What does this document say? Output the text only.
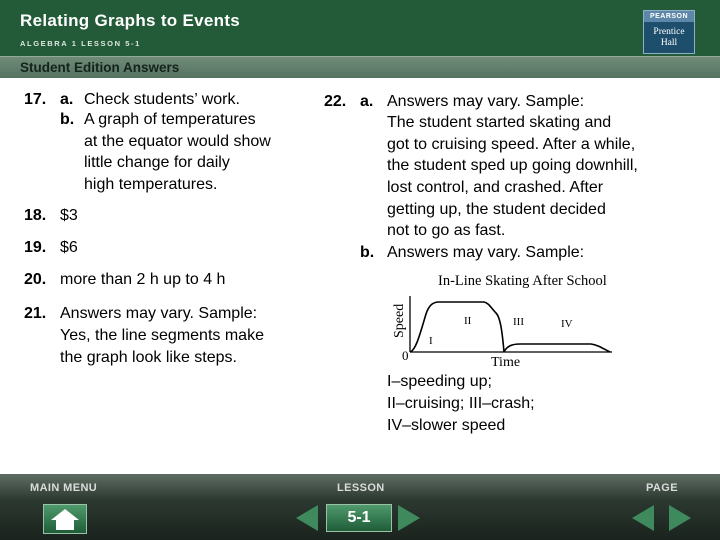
Relating Graphs to Events
ALGEBRA 1 LESSON 5-1
PEARSON
Prentice
Hall
Student Edition Answers
17. a. Check students’ work.
b. A graph of temperatures
at the equator would show
little change for daily
high temperatures.
18. $3
19. $6
20. more than 2 h up to 4 h
21. Answers may vary. Sample:
Yes, the line segments make
the graph look like steps.
22. a. Answers may vary. Sample:
The student started skating and
got to cruising speed. After a while,
the student sped up going downhill,
lost control, and crashed. After
getting up, the student decided
not to go as fast.
b. Answers may vary. Sample:
In-Line Skating After School
Speed
0	Time
I
II	III	IV
I–speeding up;
II–cruising; III–crash;
IV–slower speed
MAIN MENU	LESSON	PAGE
5-1
